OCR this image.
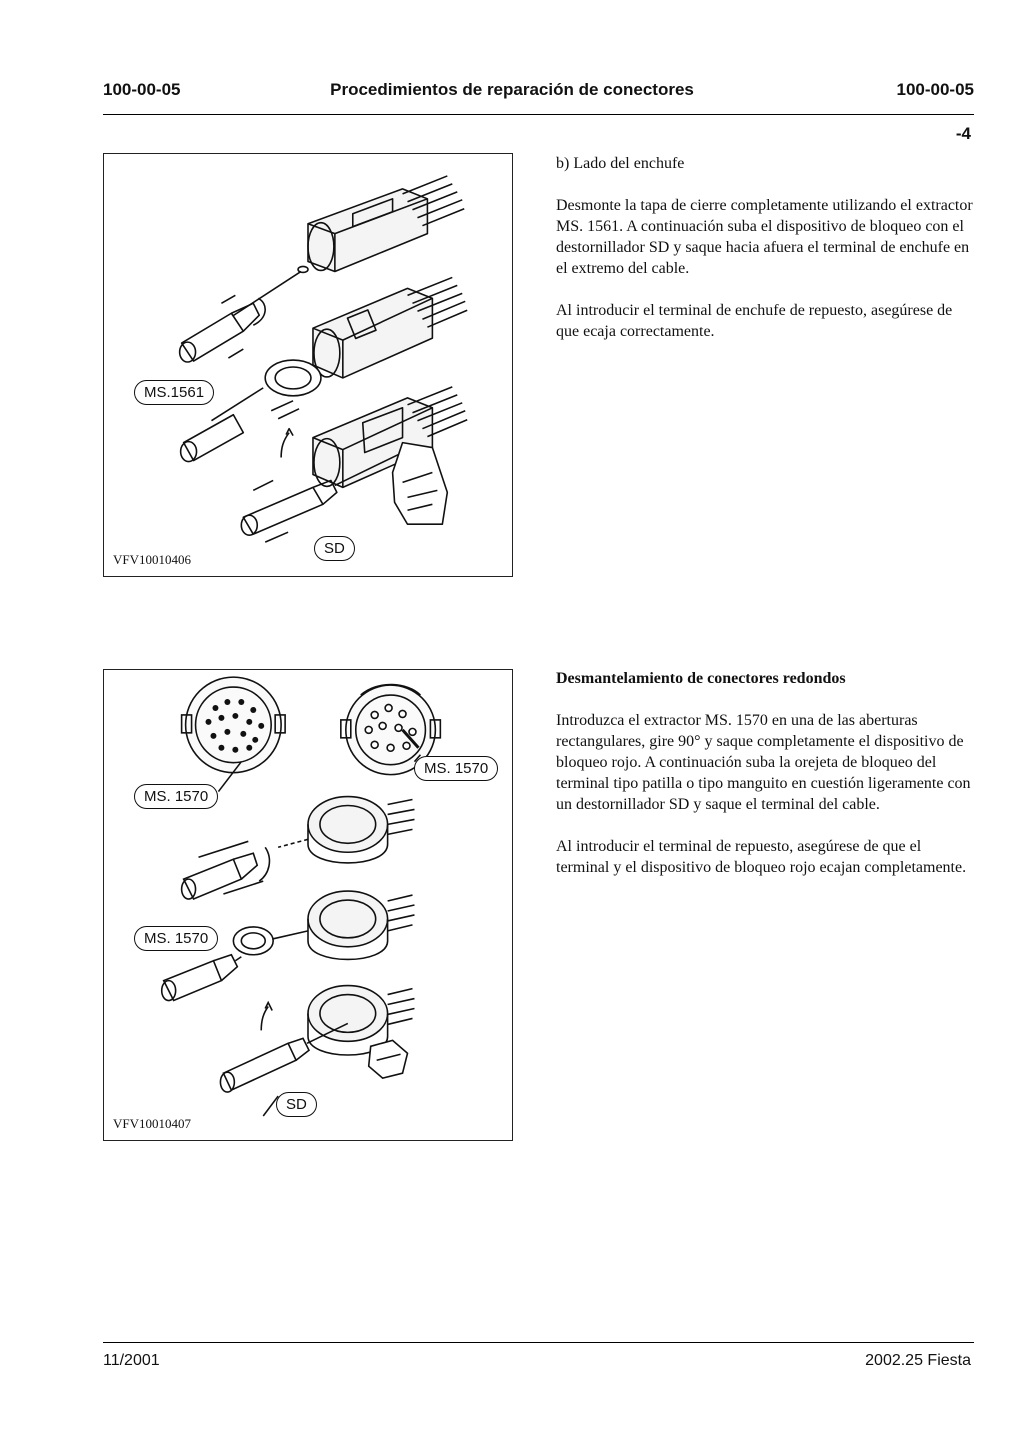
100-00-05	Procedimientos de reparación de conectores	100-00-05
-4
MS.1561
SD
VFV10010406

b) Lado del enchufe

Desmonte la tapa de cierre completamente utilizando el extractor MS. 1561. A continuación suba el dispositivo de bloqueo con el destornillador SD y saque hacia afuera el terminal de enchufe en el extremo del cable.

Al introducir el terminal de enchufe de repuesto, asegúrese de que ecaja correctamente.

MS. 1570
MS. 1570
MS. 1570
SD
VFV10010407

Desmantelamiento de conectores redondos

Introduzca el extractor MS. 1570 en una de las aberturas rectangulares, gire 90° y saque completamente el dispositivo de bloqueo rojo. A continuación suba la orejeta de bloqueo del terminal tipo patilla o tipo manguito en cuestión ligeramente con un destornillador SD y saque el terminal del cable.

Al introducir el terminal de repuesto, asegúrese de que el terminal y el dispositivo de bloqueo rojo ecajan completamente.

11/2001	2002.25 Fiesta
